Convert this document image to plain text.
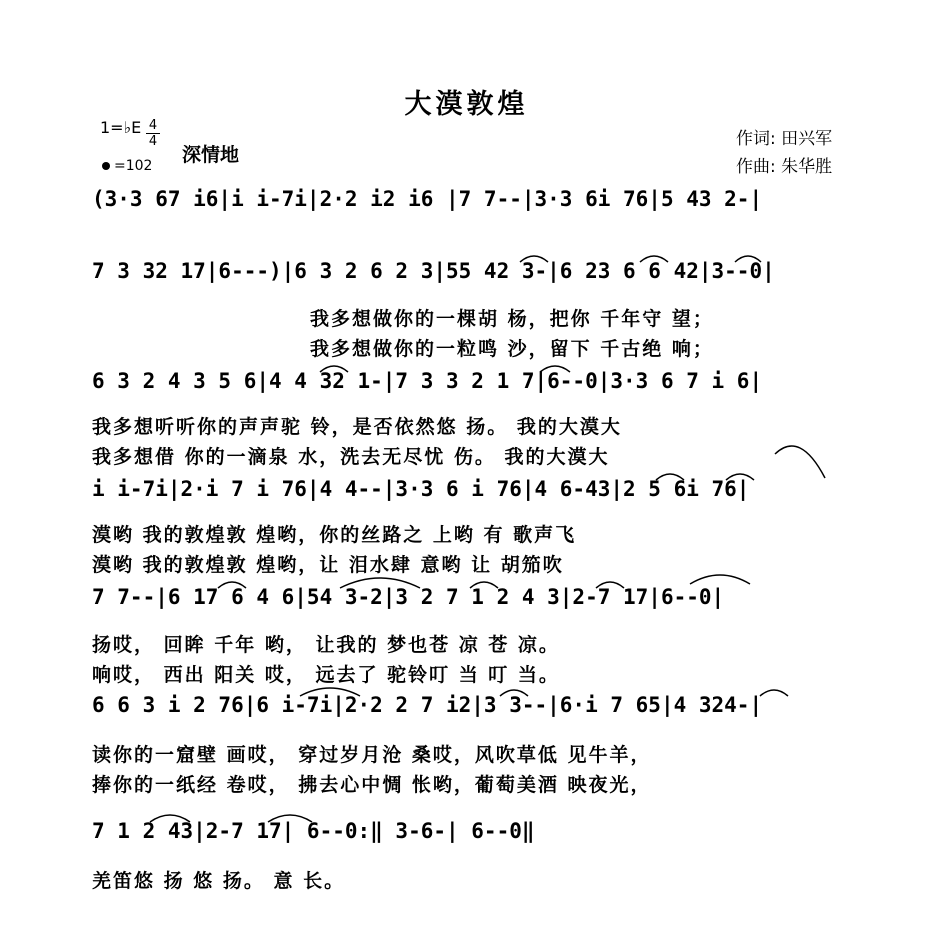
大漠敦煌
1=♭E 4
4
=102 深情地
作词: 田兴军
作曲: 朱华胜
(3·3 67 i6|i i-7i|2·2 i2 i6 |7 7--|3·3 6i 76|5 43 2-|
7 3 32 17|6---)|6 3 2 6 2 3|55 42 3-|6 23 6 6 42|3--0|
6 3 2 4 3 5 6|4 4 32 1-|7 3 3 2 1 7|6--0|3·3 6 7 i 6|
i i-7i|2·i 7 i 76|4 4--|3·3 6 i 76|4 6-43|2 5 6i 76|
7 7--|6 17 6 4 6|54 3-2|3 2 7 1 2 4 3|2-7 17|6--0|
6 6 3 i 2 76|6 i-7i|2·2 2 7 i2|3 3--|6·i 7 65|4 324-|
7 1 2 43|2-7 17| 6--0:‖ 3-6-| 6--0‖
我多想做你的一棵胡 杨，把你 千年守 望；
我多想做你的一粒鸣 沙，留下 千古绝 响；
我多想听听你的声声驼 铃，是否依然悠 扬。 我的大漠大
我多想借 你的一滴泉 水，洗去无尽忧 伤。 我的大漠大
漠哟 我的敦煌敦 煌哟，你的丝路之 上哟 有 歌声飞
漠哟 我的敦煌敦 煌哟，让 泪水肆 意哟 让 胡笳吹
扬哎， 回眸 千年 哟， 让我的 梦也苍 凉 苍 凉。
响哎， 西出 阳关 哎， 远去了 驼铃叮 当 叮 当。
读你的一窟壁 画哎， 穿过岁月沧 桑哎，风吹草低 见牛羊，
捧你的一纸经 卷哎， 拂去心中惆 怅哟，葡萄美酒 映夜光，
羌笛悠 扬 悠 扬。 意 长。
